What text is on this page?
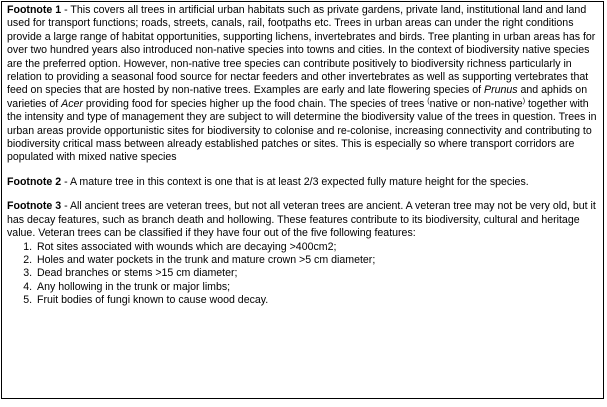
Footnote 1 - This covers all trees in artificial urban habitats such as private gardens, private land, institutional land and land used for transport functions; roads, streets, canals, rail, footpaths etc. Trees in urban areas can under the right conditions provide a large range of habitat opportunities, supporting lichens, invertebrates and birds. Tree planting in urban areas has for over two hundred years also introduced non-native species into towns and cities. In the context of biodiversity native species are the preferred option. However, non-native tree species can contribute positively to biodiversity richness particularly in relation to providing a seasonal food source for nectar feeders and other invertebrates as well as supporting vertebrates that feed on species that are hosted by non-native trees. Examples are early and late flowering species of Prunus and aphids on varieties of Acer providing food for species higher up the food chain. The species of trees (native or non-native) together with the intensity and type of management they are subject to will determine the biodiversity value of the trees in question. Trees in urban areas provide opportunistic sites for biodiversity to colonise and re-colonise, increasing connectivity and contributing to biodiversity critical mass between already established patches or sites. This is especially so where transport corridors are populated with mixed native species

Footnote 2 - A mature tree in this context is one that is at least 2/3 expected fully mature height for the species.

Footnote 3 - All ancient trees are veteran trees, but not all veteran trees are ancient. A veteran tree may not be very old, but it has decay features, such as branch death and hollowing. These features contribute to its biodiversity, cultural and heritage value. Veteran trees can be classified if they have four out of the five following features:
1. Rot sites associated with wounds which are decaying >400cm2;
2. Holes and water pockets in the trunk and mature crown >5 cm diameter;
3. Dead branches or stems >15 cm diameter;
4. Any hollowing in the trunk or major limbs;
5. Fruit bodies of fungi known to cause wood decay.
